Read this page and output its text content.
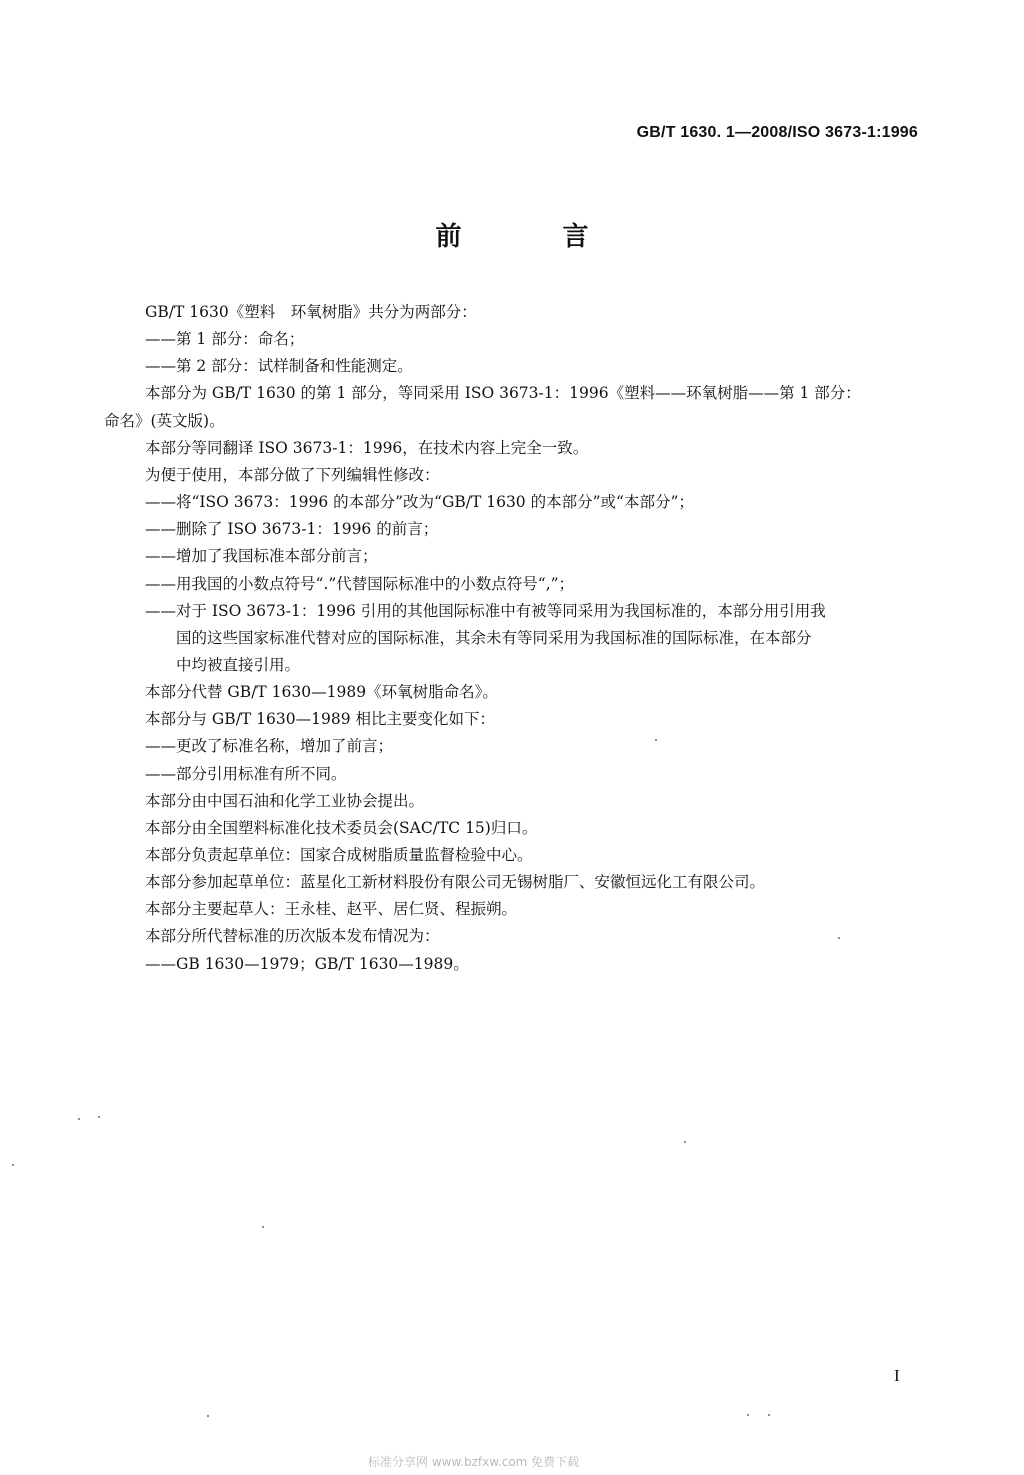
GB/T 1630. 1—2008/ISO 3673-1:1996
前 言
GB/T 1630《塑料　环氧树脂》共分为两部分：
——第 1 部分：命名；
——第 2 部分：试样制备和性能测定。
本部分为 GB/T 1630 的第 1 部分，等同采用 ISO 3673-1：1996《塑料——环氧树脂——第 1 部分：
命名》(英文版)。
本部分等同翻译 ISO 3673-1：1996，在技术内容上完全一致。
为便于使用，本部分做了下列编辑性修改：
——将“ISO 3673：1996 的本部分”改为“GB/T 1630 的本部分”或“本部分”；
——删除了 ISO 3673-1：1996 的前言；
——增加了我国标准本部分前言；
——用我国的小数点符号“.”代替国际标准中的小数点符号“,”；
——对于 ISO 3673-1：1996 引用的其他国际标准中有被等同采用为我国标准的，本部分用引用我
国的这些国家标准代替对应的国际标准，其余未有等同采用为我国标准的国际标准，在本部分
中均被直接引用。
本部分代替 GB/T 1630—1989《环氧树脂命名》。
本部分与 GB/T 1630—1989 相比主要变化如下：
——更改了标准名称，增加了前言；
——部分引用标准有所不同。
本部分由中国石油和化学工业协会提出。
本部分由全国塑料标准化技术委员会(SAC/TC 15)归口。
本部分负责起草单位：国家合成树脂质量监督检验中心。
本部分参加起草单位：蓝星化工新材料股份有限公司无锡树脂厂、安徽恒远化工有限公司。
本部分主要起草人：王永桂、赵平、居仁贤、程振朔。
本部分所代替标准的历次版本发布情况为：
——GB 1630—1979；GB/T 1630—1989。
I
标准分享网 www.bzfxw.com 免费下载
